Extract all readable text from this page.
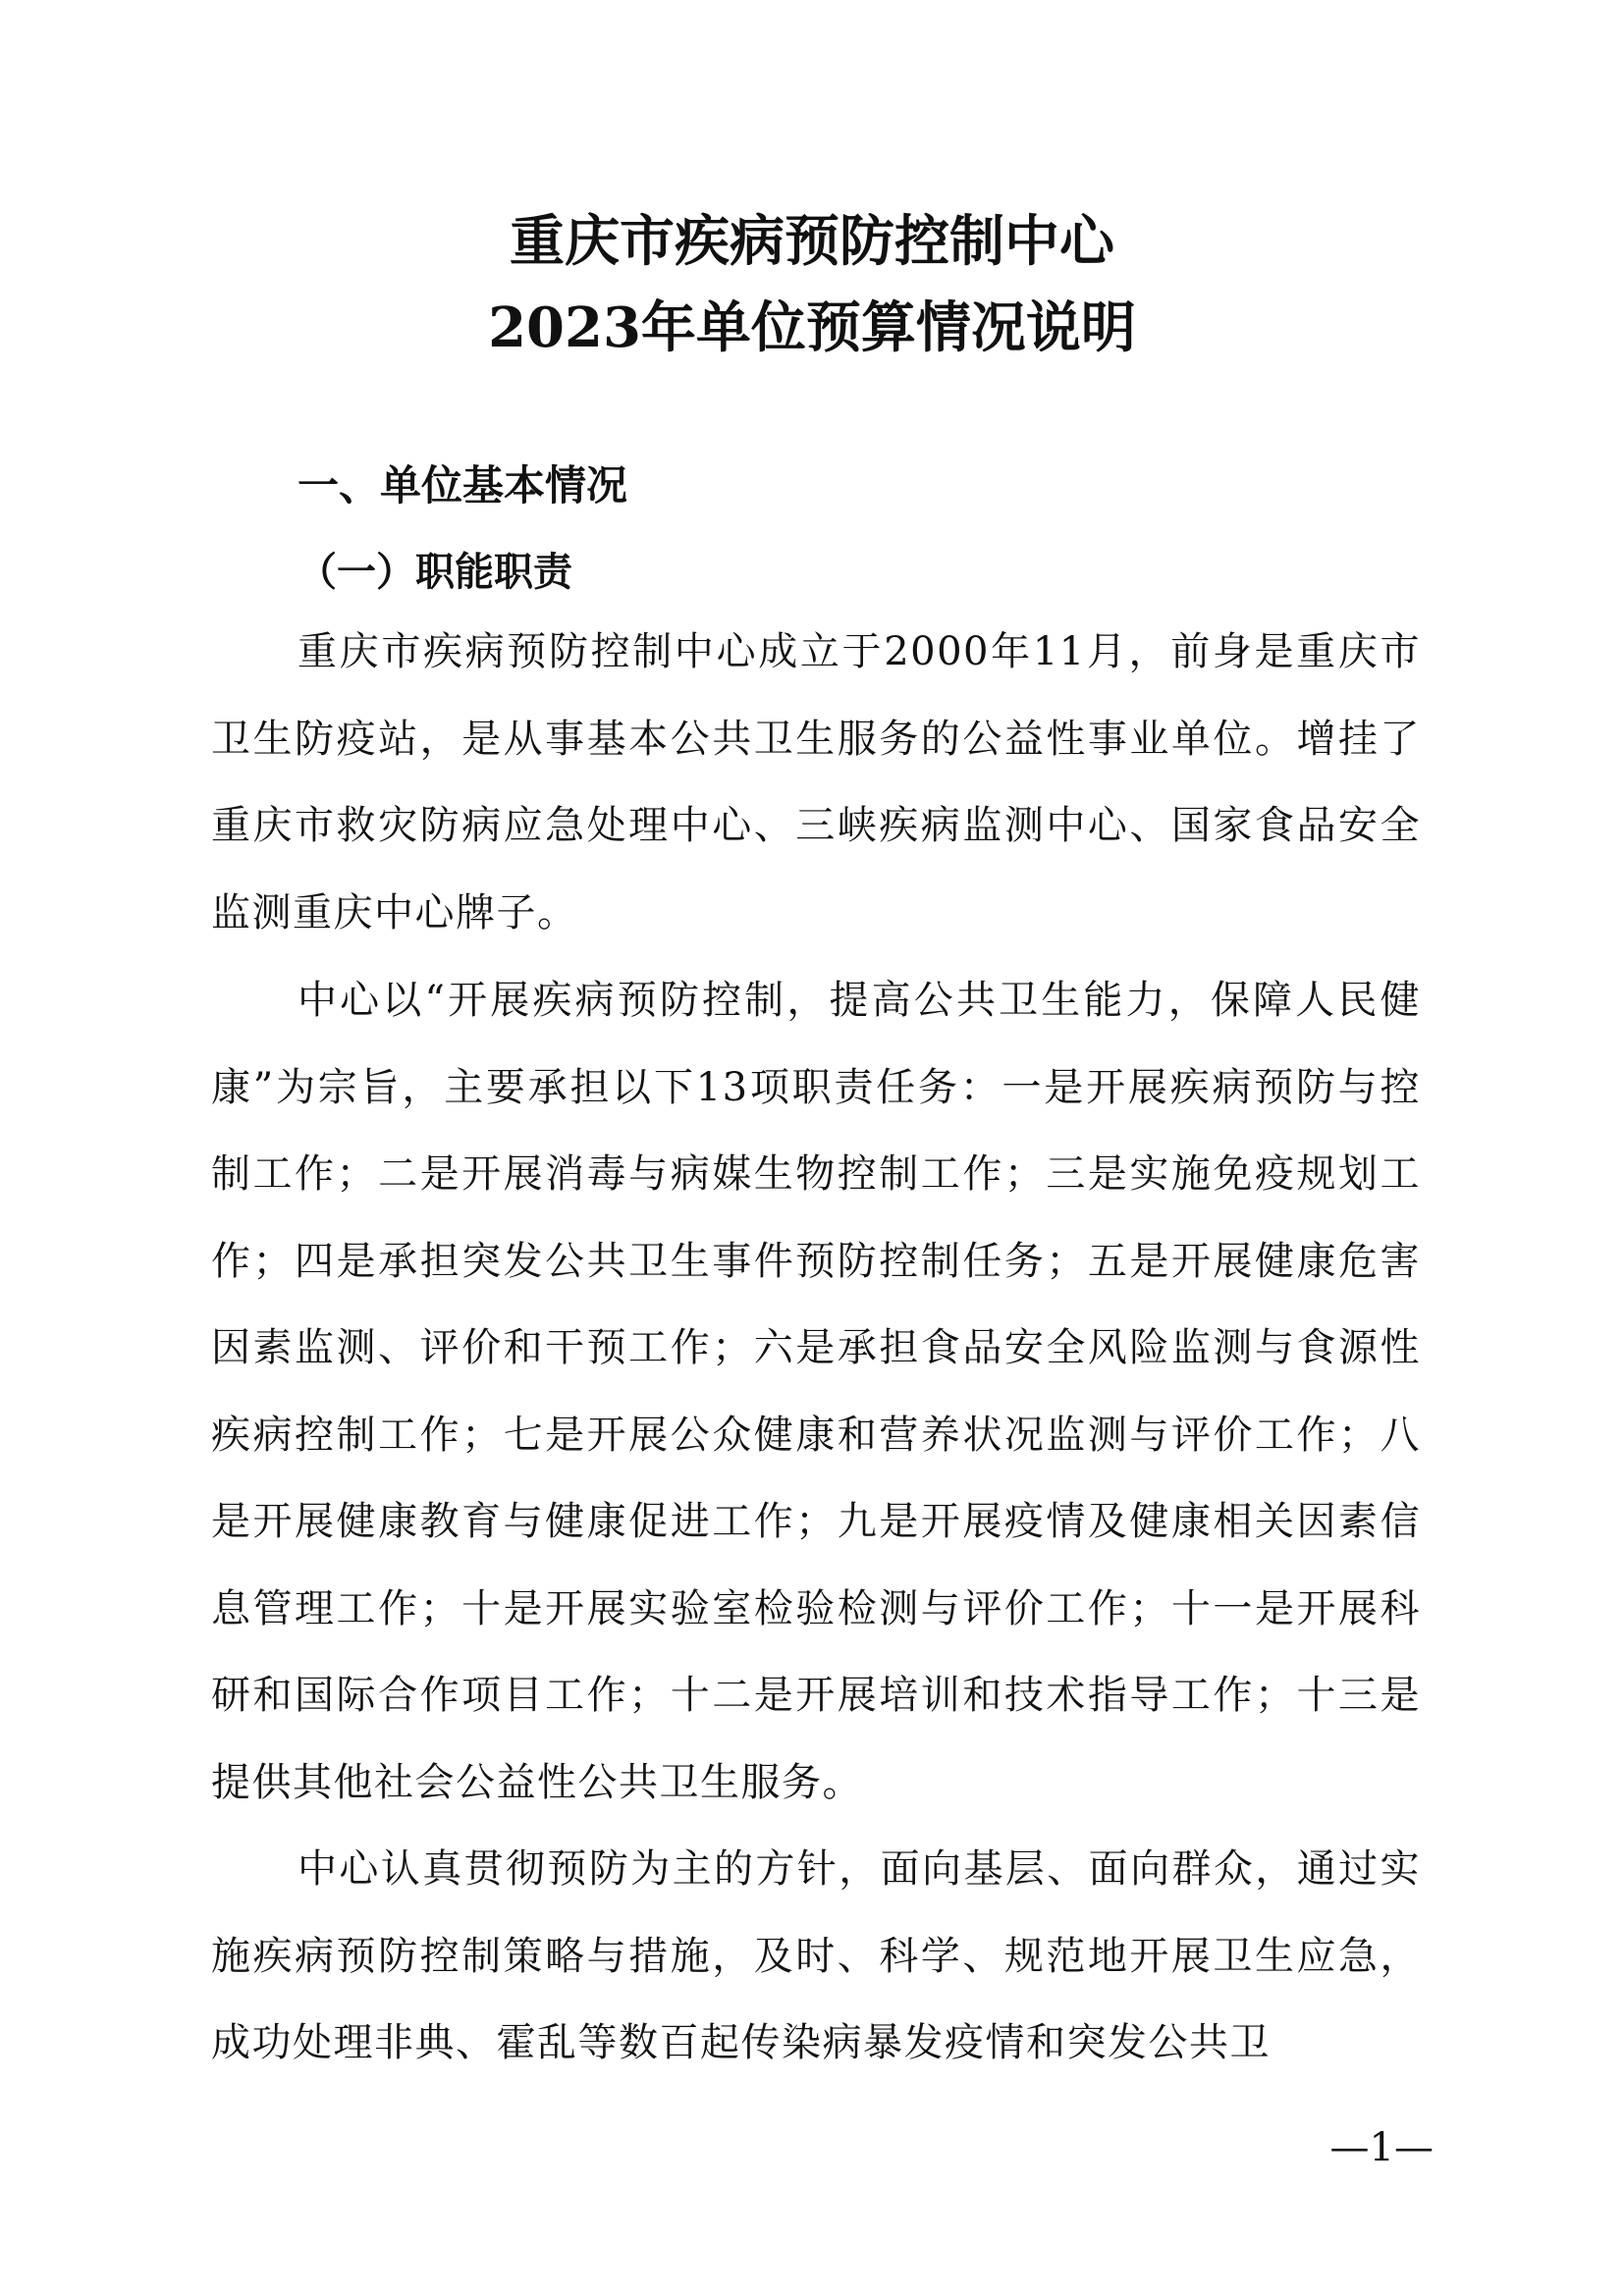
重庆市疾病预防控制中心
2023年单位预算情况说明
一、单位基本情况
（一）职能职责

重庆市疾病预防控制中心成立于2000年11月，前身是重庆市卫生防疫站，是从事基本公共卫生服务的公益性事业单位。增挂了重庆市救灾防病应急处理中心、三峡疾病监测中心、国家食品安全监测重庆中心牌子。

中心以“开展疾病预防控制，提高公共卫生能力，保障人民健康”为宗旨，主要承担以下13项职责任务：一是开展疾病预防与控制工作；二是开展消毒与病媒生物控制工作；三是实施免疫规划工作；四是承担突发公共卫生事件预防控制任务；五是开展健康危害因素监测、评价和干预工作；六是承担食品安全风险监测与食源性疾病控制工作；七是开展公众健康和营养状况监测与评价工作；八是开展健康教育与健康促进工作；九是开展疫情及健康相关因素信息管理工作；十是开展实验室检验检测与评价工作；十一是开展科研和国际合作项目工作；十二是开展培训和技术指导工作；十三是提供其他社会公益性公共卫生服务。

中心认真贯彻预防为主的方针，面向基层、面向群众，通过实施疾病预防控制策略与措施，及时、科学、规范地开展卫生应急，成功处理非典、霍乱等数百起传染病暴发疫情和突发公共卫

—1—
